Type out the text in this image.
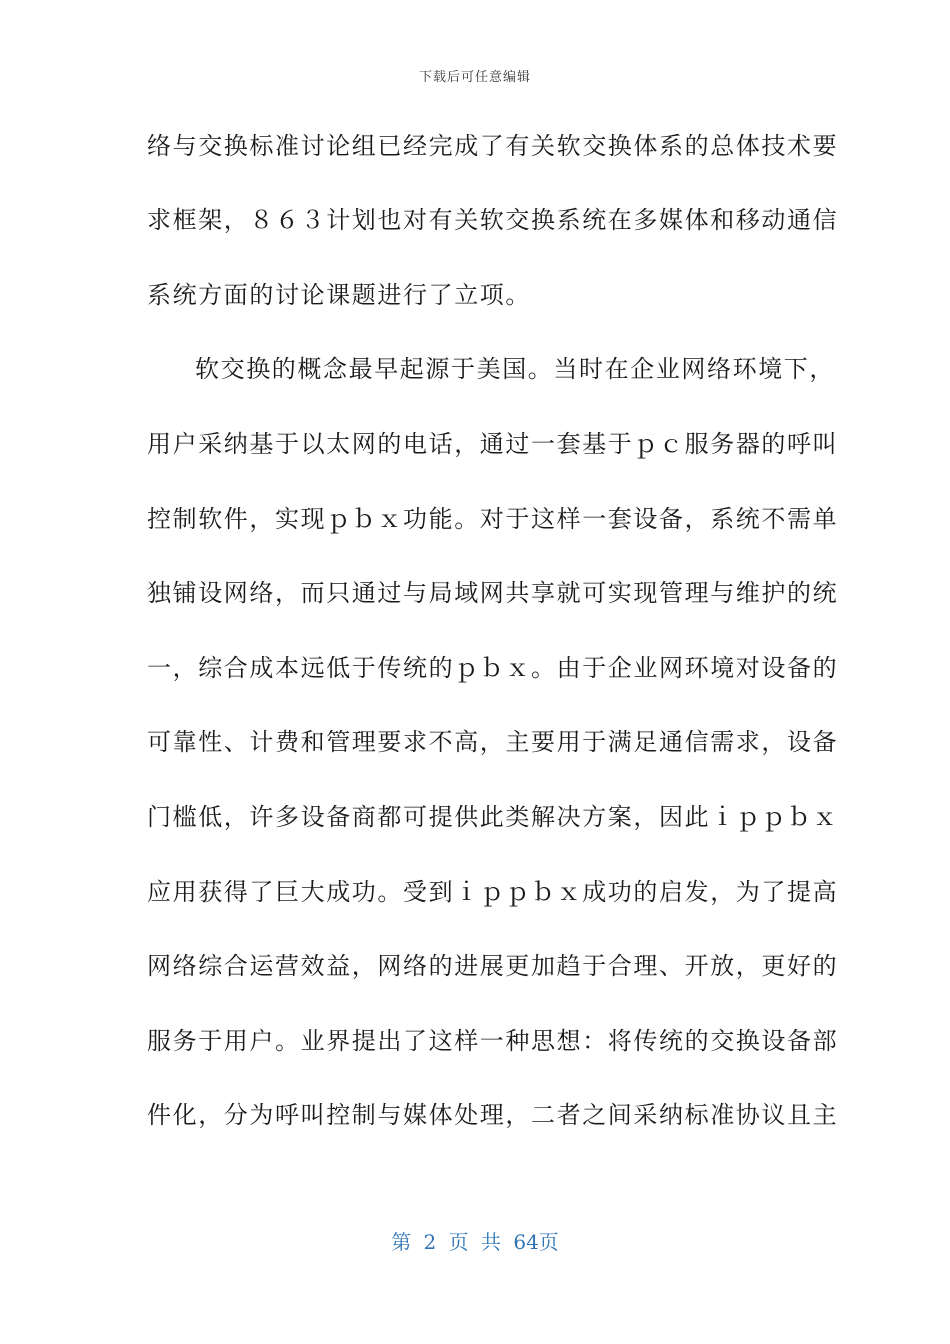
下载后可任意编辑
络与交换标准讨论组已经完成了有关软交换体系的总体技术要
求框架，８６３计划也对有关软交换系统在多媒体和移动通信
系统方面的讨论课题进行了立项。
软交换的概念最早起源于美国。当时在企业网络环境下，
用户采纳基于以太网的电话，通过一套基于ｐｃ服务器的呼叫
控制软件，实现ｐｂｘ功能。对于这样一套设备，系统不需单
独铺设网络，而只通过与局域网共享就可实现管理与维护的统
一，综合成本远低于传统的ｐｂｘ。由于企业网环境对设备的
可靠性、计费和管理要求不高，主要用于满足通信需求，设备
门槛低，许多设备商都可提供此类解决方案，因此ｉｐｐｂｘ
应用获得了巨大成功。受到ｉｐｐｂｘ成功的启发，为了提高
网络综合运营效益，网络的进展更加趋于合理、开放，更好的
服务于用户。业界提出了这样一种思想：将传统的交换设备部
件化，分为呼叫控制与媒体处理，二者之间采纳标准协议且主
第 2 页 共 64页
